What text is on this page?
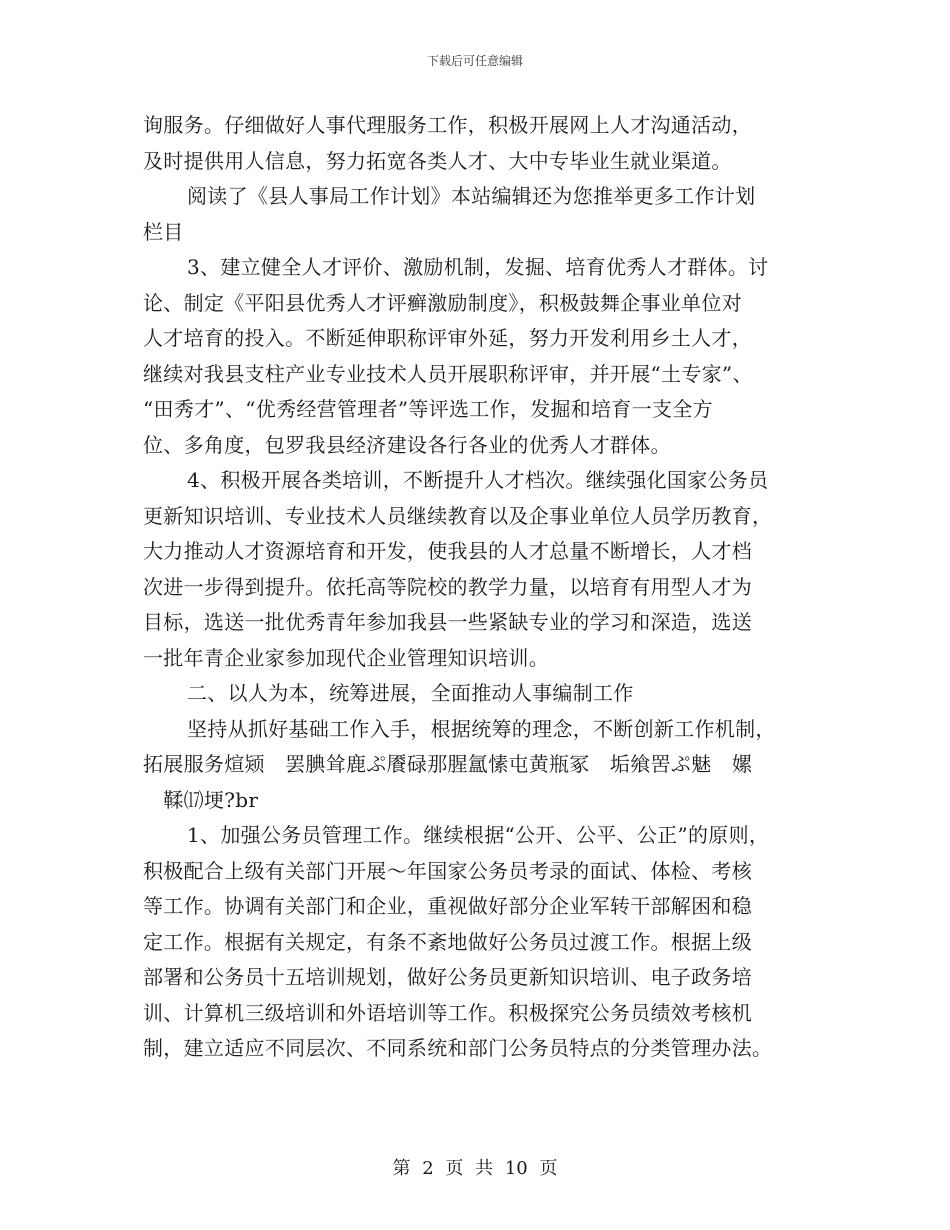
下载后可任意编辑
询服务。仔细做好人事代理服务工作，积极开展网上人才沟通活动，
及时提供用人信息，努力拓宽各类人才、大中专毕业生就业渠道。
阅读了《县人事局工作计划》本站编辑还为您推举更多工作计划
栏目
3、建立健全人才评价、激励机制，发掘、培育优秀人才群体。讨
论、制定《平阳县优秀人才评癣激励制度》，积极鼓舞企事业单位对
人才培育的投入。不断延伸职称评审外延，努力开发利用乡土人才，
继续对我县支柱产业专业技术人员开展职称评审，并开展“土专家”、
“田秀才”、“优秀经营管理者”等评选工作，发掘和培育一支全方
位、多角度，包罗我县经济建设各行各业的优秀人才群体。
4、积极开展各类培训，不断提升人才档次。继续强化国家公务员
更新知识培训、专业技术人员继续教育以及企事业单位人员学历教育，
大力推动人才资源培育和开发，使我县的人才总量不断增长，人才档
次进一步得到提升。依托高等院校的教学力量，以培育有用型人才为
目标，选送一批优秀青年参加我县一些紧缺专业的学习和深造，选送
一批年青企业家参加现代企业管理知识培训。
二、以人为本，统筹进展，全面推动人事编制工作
坚持从抓好基础工作入手，根据统筹的理念，不断创新工作机制，
拓展服务煊颎　罢腆耸鹿ぷ餍碌那腥氲愫屯黄瓶冢　垢飨罟ぷ魅　嫘
　鞣⒄埂?br
1、加强公务员管理工作。继续根据“公开、公平、公正”的原则，
积极配合上级有关部门开展～年国家公务员考录的面试、体检、考核
等工作。协调有关部门和企业，重视做好部分企业军转干部解困和稳
定工作。根据有关规定，有条不紊地做好公务员过渡工作。根据上级
部署和公务员十五培训规划，做好公务员更新知识培训、电子政务培
训、计算机三级培训和外语培训等工作。积极探究公务员绩效考核机
制，建立适应不同层次、不同系统和部门公务员特点的分类管理办法。
第 2 页 共 10 页
